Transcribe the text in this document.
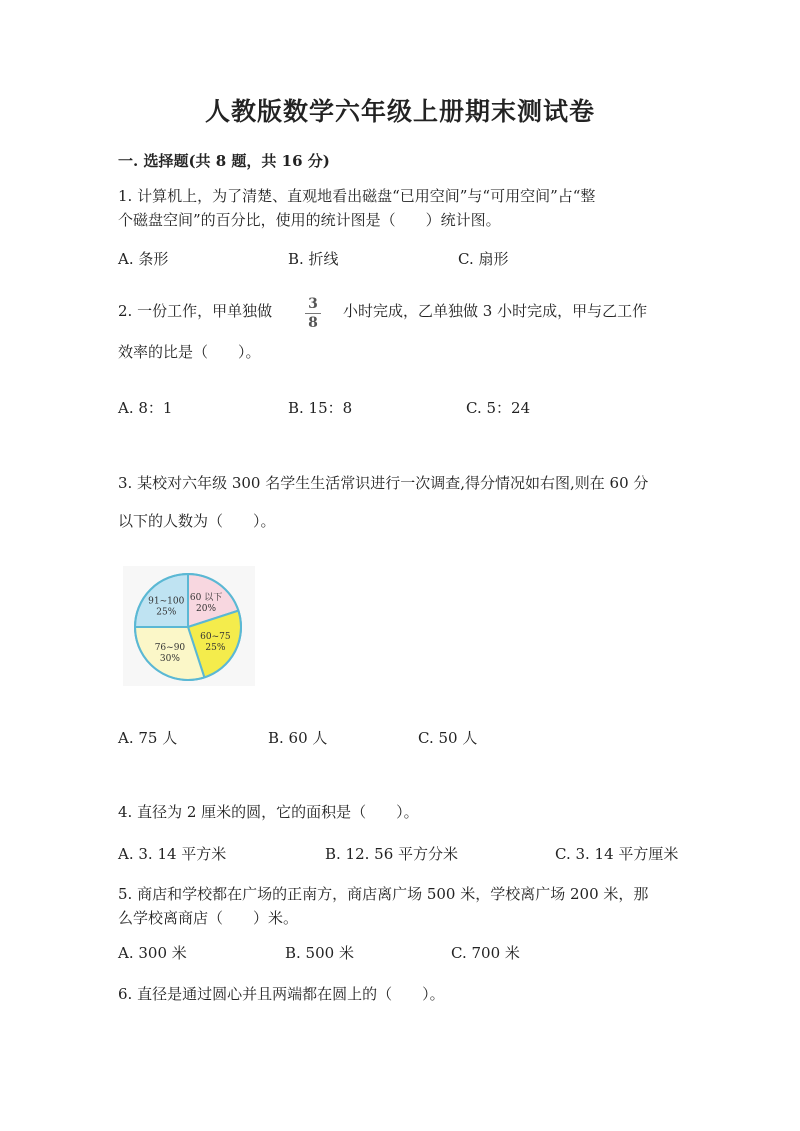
人教版数学六年级上册期末测试卷
一. 选择题(共 8 题，共 16 分)
1. 计算机上，为了清楚、直观地看出磁盘“已用空间”与“可用空间”占“整
个磁盘空间”的百分比，使用的统计图是（　　）统计图。
A. 条形	B. 折线	C. 扇形
2. 一份工作，甲单独做	3
8
小时完成，乙单独做 3 小时完成，甲与乙工作
效率的比是（　　）。
A. 8：1	B. 15：8	C. 5：24
3. 某校对六年级 300 名学生生活常识进行一次调查,得分情况如右图,则在 60 分
以下的人数为（　　）。
60 以下
20%
60~75
25%
76~90
30%
91~100
25%
A. 75 人	B. 60 人	C. 50 人
4. 直径为 2 厘米的圆，它的面积是（　　）。
A. 3. 14 平方米	B. 12. 56 平方分米	C. 3. 14 平方厘米
5. 商店和学校都在广场的正南方，商店离广场 500 米，学校离广场 200 米，那
么学校离商店（　　）米。
A. 300 米	B. 500 米	C. 700 米
6. 直径是通过圆心并且两端都在圆上的（　　）。
